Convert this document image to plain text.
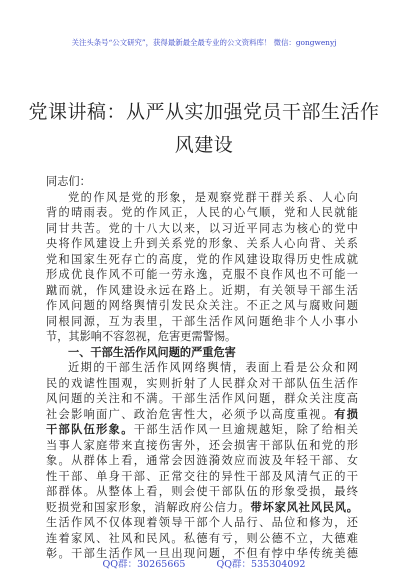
关注头条号“公文研究”，获得最新最全最专业的公文资料库！ 微信：gongwenyj
党课讲稿：从严从实加强党员干部生活作
风建设
同志们：
党的作风是党的形象，是观察党群干群关系、人心向
背的晴雨表。党的作风正，人民的心气顺，党和人民就能
同甘共苦。党的十八大以来，以习近平同志为核心的党中
央将作风建设上升到关系党的形象、关系人心向背、关系
党和国家生死存亡的高度，党的作风建设取得历史性成就
形成优良作风不可能一劳永逸，克服不良作风也不可能一
蹴而就，作风建设永远在路上。近期，有关领导干部生活
作风问题的网络舆情引发民众关注。不正之风与腐败问题
同根同源，互为表里，干部生活作风问题绝非个人小事小
节，其影响不容忽视，危害更需警惕。
一、干部生活作风问题的严重危害
近期的干部生活作风网络舆情，表面上看是公众和网
民的戏谑性围观，实则折射了人民群众对干部队伍生活作
风问题的关注和不满。干部生活作风问题，群众关注度高
社会影响面广、政治危害性大，必须予以高度重视。有损
干部队伍形象。干部生活作风一旦逾规越矩，除了给相关
当事人家庭带来直接伤害外，还会损害干部队伍和党的形
象。从群体上看，通常会因涟漪效应而波及年轻干部、女
性干部、单身干部、正常交往的异性干部及风清气正的干
部群体。从整体上看，则会使干部队伍的形象受损，最终
贬损党和国家形象，消解政府公信力。带坏家风社风民风。
生活作风不仅体现着领导干部个人品行、品位和修为，还
连着家风、社风和民风。私德有亏，则公德不立，大德难
彰。干部生活作风一旦出现问题，不但有悖中华传统美德
QQ群：30265665	QQ群：535304092
